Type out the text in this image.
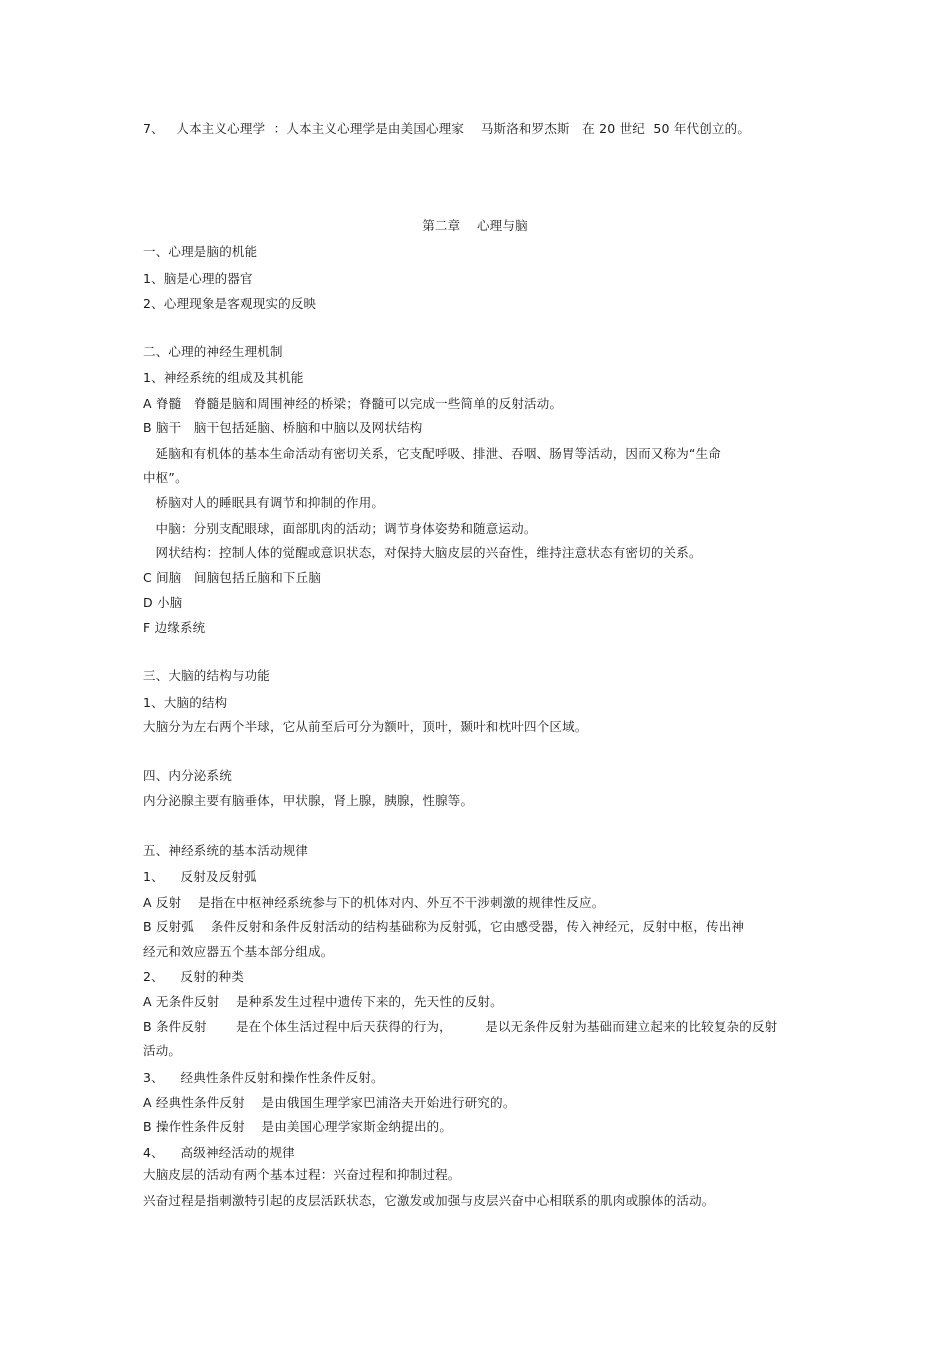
7、   人本主义心理学  ：人本主义心理学是由美国心理家    马斯洛和罗杰斯   在 20 世纪  50 年代创立的。
第二章    心理与脑
一、心理是脑的机能
1、脑是心理的器官
2、心理现象是客观现实的反映
二、心理的神经生理机制
1、神经系统的组成及其机能
A 脊髓   脊髓是脑和周围神经的桥梁；脊髓可以完成一些简单的反射活动。
B 脑干   脑干包括延脑、桥脑和中脑以及网状结构
延脑和有机体的基本生命活动有密切关系，它支配呼吸、排泄、吞咽、肠胃等活动，因而又称为“生命
中枢”。
桥脑对人的睡眠具有调节和抑制的作用。
中脑：分别支配眼球，面部肌肉的活动；调节身体姿势和随意运动。
网状结构：控制人体的觉醒或意识状态，对保持大脑皮层的兴奋性，维持注意状态有密切的关系。
C 间脑   间脑包括丘脑和下丘脑
D 小脑
F 边缘系统
三、大脑的结构与功能
1、大脑的结构
大脑分为左右两个半球，它从前至后可分为额叶，顶叶，颞叶和枕叶四个区域。
四、内分泌系统
内分泌腺主要有脑垂体，甲状腺，肾上腺，胰腺，性腺等。
五、神经系统的基本活动规律
1、    反射及反射弧
A 反射    是指在中枢神经系统参与下的机体对内、外互不干涉刺激的规律性反应。
B 反射弧    条件反射和条件反射活动的结构基础称为反射弧，它由感受器，传入神经元，反射中枢，传出神
经元和效应器五个基本部分组成。
2、    反射的种类
A 无条件反射    是种系发生过程中遗传下来的，先天性的反射。
B 条件反射       是在个体生活过程中后天获得的行为，        是以无条件反射为基础而建立起来的比较复杂的反射
活动。
3、    经典性条件反射和操作性条件反射。
A 经典性条件反射    是由俄国生理学家巴浦洛夫开始进行研究的。
B 操作性条件反射    是由美国心理学家斯金纳提出的。
4、    高级神经活动的规律
大脑皮层的活动有两个基本过程：兴奋过程和抑制过程。
兴奋过程是指刺激特引起的皮层活跃状态，它激发或加强与皮层兴奋中心相联系的肌肉或腺体的活动。
